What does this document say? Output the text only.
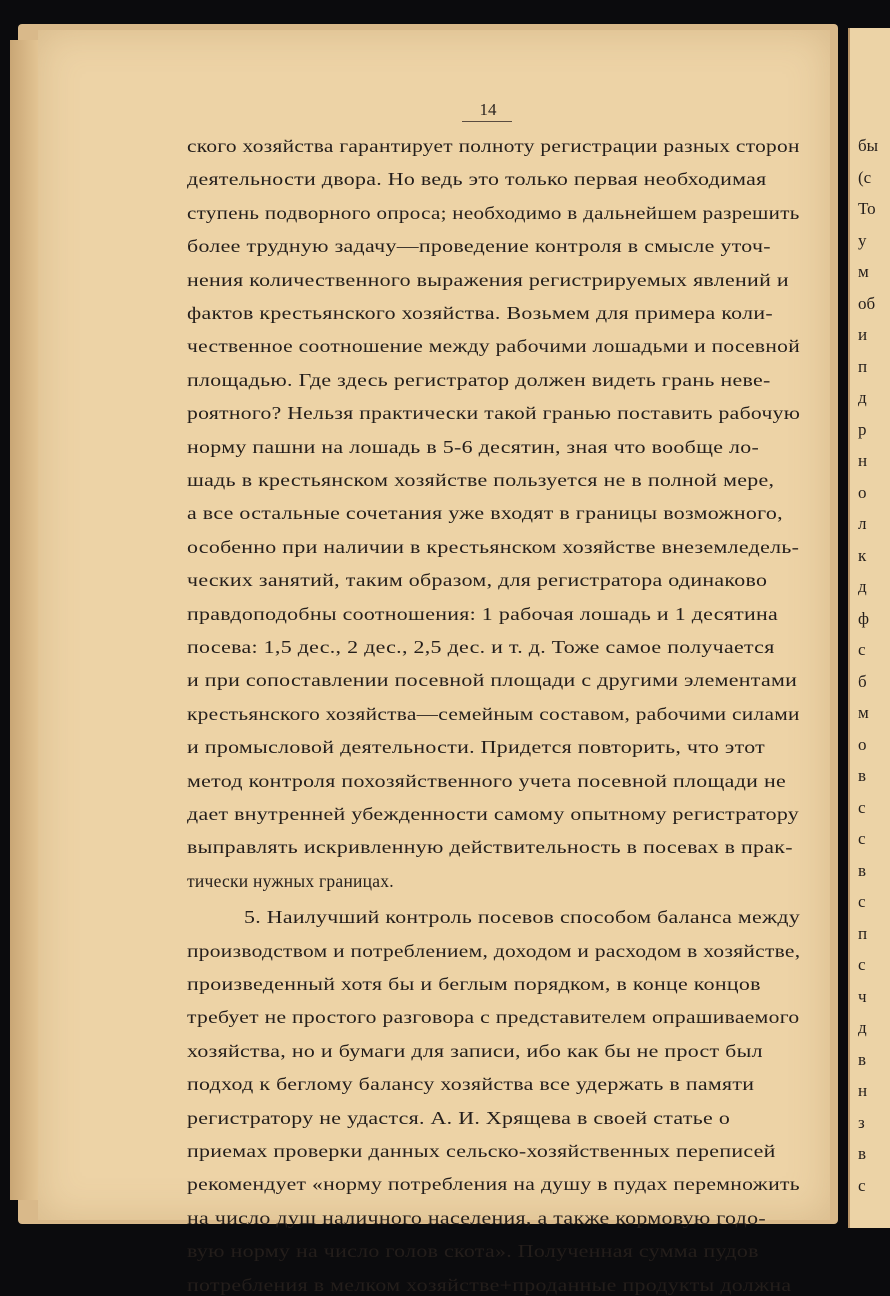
бы
(с
То
у
м
об
и
п
д
р
н
о
л
к
д
ф
с
б
м
о
в
с
с
в
с
п
с
ч
д
в
н
з
в
с
14
ского хозяйства гарантирует полноту регистрации разных сторон
деятельности двора. Но ведь это только первая необходимая
ступень подворного опроса; необходимо в дальнейшем разрешить
более трудную задачу—проведение контроля в смысле уточ-
нения количественного выражения регистрируемых явлений и
фактов крестьянского хозяйства. Возьмем для примера коли-
чественное соотношение между рабочими лошадьми и посевной
площадью. Где здесь регистратор должен видеть грань неве-
роятного? Нельзя практически такой гранью поставить рабочую
норму пашни на лошадь в 5-6 десятин, зная что вообще ло-
шадь в крестьянском хозяйстве пользуется не в полной мере,
а все остальные сочетания уже входят в границы возможного,
особенно при наличии в крестьянском хозяйстве внеземледель-
ческих занятий, таким образом, для регистратора одинаково
правдоподобны соотношения: 1 рабочая лошадь и 1 десятина
посева: 1,5 дес., 2 дес., 2,5 дес. и т. д. Тоже самое получается
и при сопоставлении посевной площади с другими элементами
крестьянского хозяйства—семейным составом, рабочими силами
и промысловой деятельности. Придется повторить, что этот
метод контроля похозяйственного учета посевной площади не
дает внутренней убежденности самому опытному регистратору
выправлять искривленную действительность в посевах в прак-
тически нужных границах.
5. Наилучший контроль посевов способом баланса между
производством и потреблением, доходом и расходом в хозяйстве,
произведенный хотя бы и беглым порядком, в конце концов
требует не простого разговора с представителем опрашиваемого
хозяйства, но и бумаги для записи, ибо как бы не прост был
подход к беглому балансу хозяйства все удержать в памяти
регистратору не удастся. А. И. Хрящева в своей статье о
приемах проверки данных сельско-хозяйственных переписей
рекомендует «норму потребления на душу в пудах перемножить
на число душ наличного населения, а также кормовую годо-
вую норму на число голов скота». Полученная сумма пудов
потребления в мелком хозяйстве+проданные продукты должна
